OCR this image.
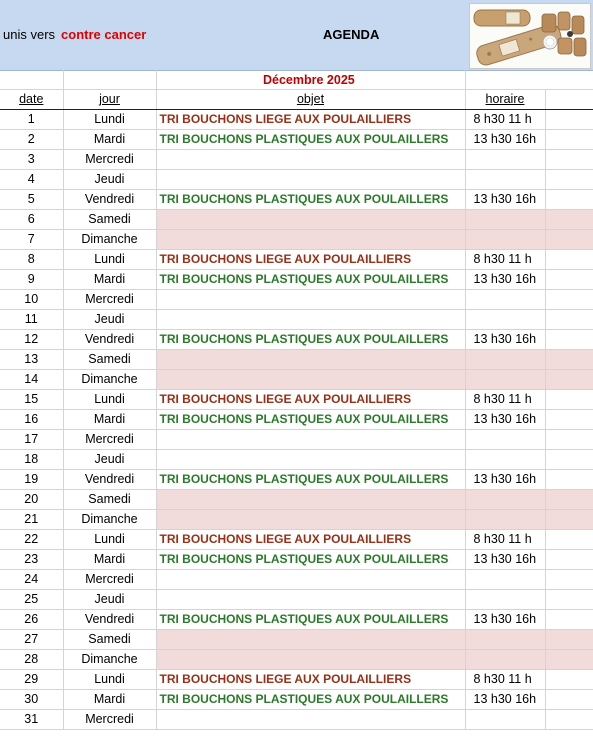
unis vers contre cancer	AGENDA

date	jour	objet	horaire	
1	Lundi	TRI BOUCHONS LIEGE AUX POULAILLIERS	8 h30 11 h	
2	Mardi	TRI BOUCHONS PLASTIQUES AUX POULAILLERS	13 h30 16h	
3	Mercredi			
4	Jeudi			
5	Vendredi	TRI BOUCHONS PLASTIQUES AUX POULAILLERS	13 h30 16h	
6	Samedi			
7	Dimanche			
8	Lundi	TRI BOUCHONS LIEGE AUX POULAILLIERS	8 h30 11 h	
9	Mardi	TRI BOUCHONS PLASTIQUES AUX POULAILLERS	13 h30 16h	
10	Mercredi			
11	Jeudi			
12	Vendredi	TRI BOUCHONS PLASTIQUES AUX POULAILLERS	13 h30 16h	
13	Samedi			
14	Dimanche			
15	Lundi	TRI BOUCHONS LIEGE AUX POULAILLIERS	8 h30 11 h	
16	Mardi	TRI BOUCHONS PLASTIQUES AUX POULAILLERS	13 h30 16h	
17	Mercredi			
18	Jeudi			
19	Vendredi	TRI BOUCHONS PLASTIQUES AUX POULAILLERS	13 h30 16h	
20	Samedi			
21	Dimanche			
22	Lundi	TRI BOUCHONS LIEGE AUX POULAILLIERS	8 h30 11 h	
23	Mardi	TRI BOUCHONS PLASTIQUES AUX POULAILLERS	13 h30 16h	
24	Mercredi			
25	Jeudi			
26	Vendredi	TRI BOUCHONS PLASTIQUES AUX POULAILLERS	13 h30 16h	
27	Samedi			
28	Dimanche			
29	Lundi	TRI BOUCHONS LIEGE AUX POULAILLIERS	8 h30 11 h	
30	Mardi	TRI BOUCHONS PLASTIQUES AUX POULAILLERS	13 h30 16h	
31	Mercredi			
Décembre 2025
